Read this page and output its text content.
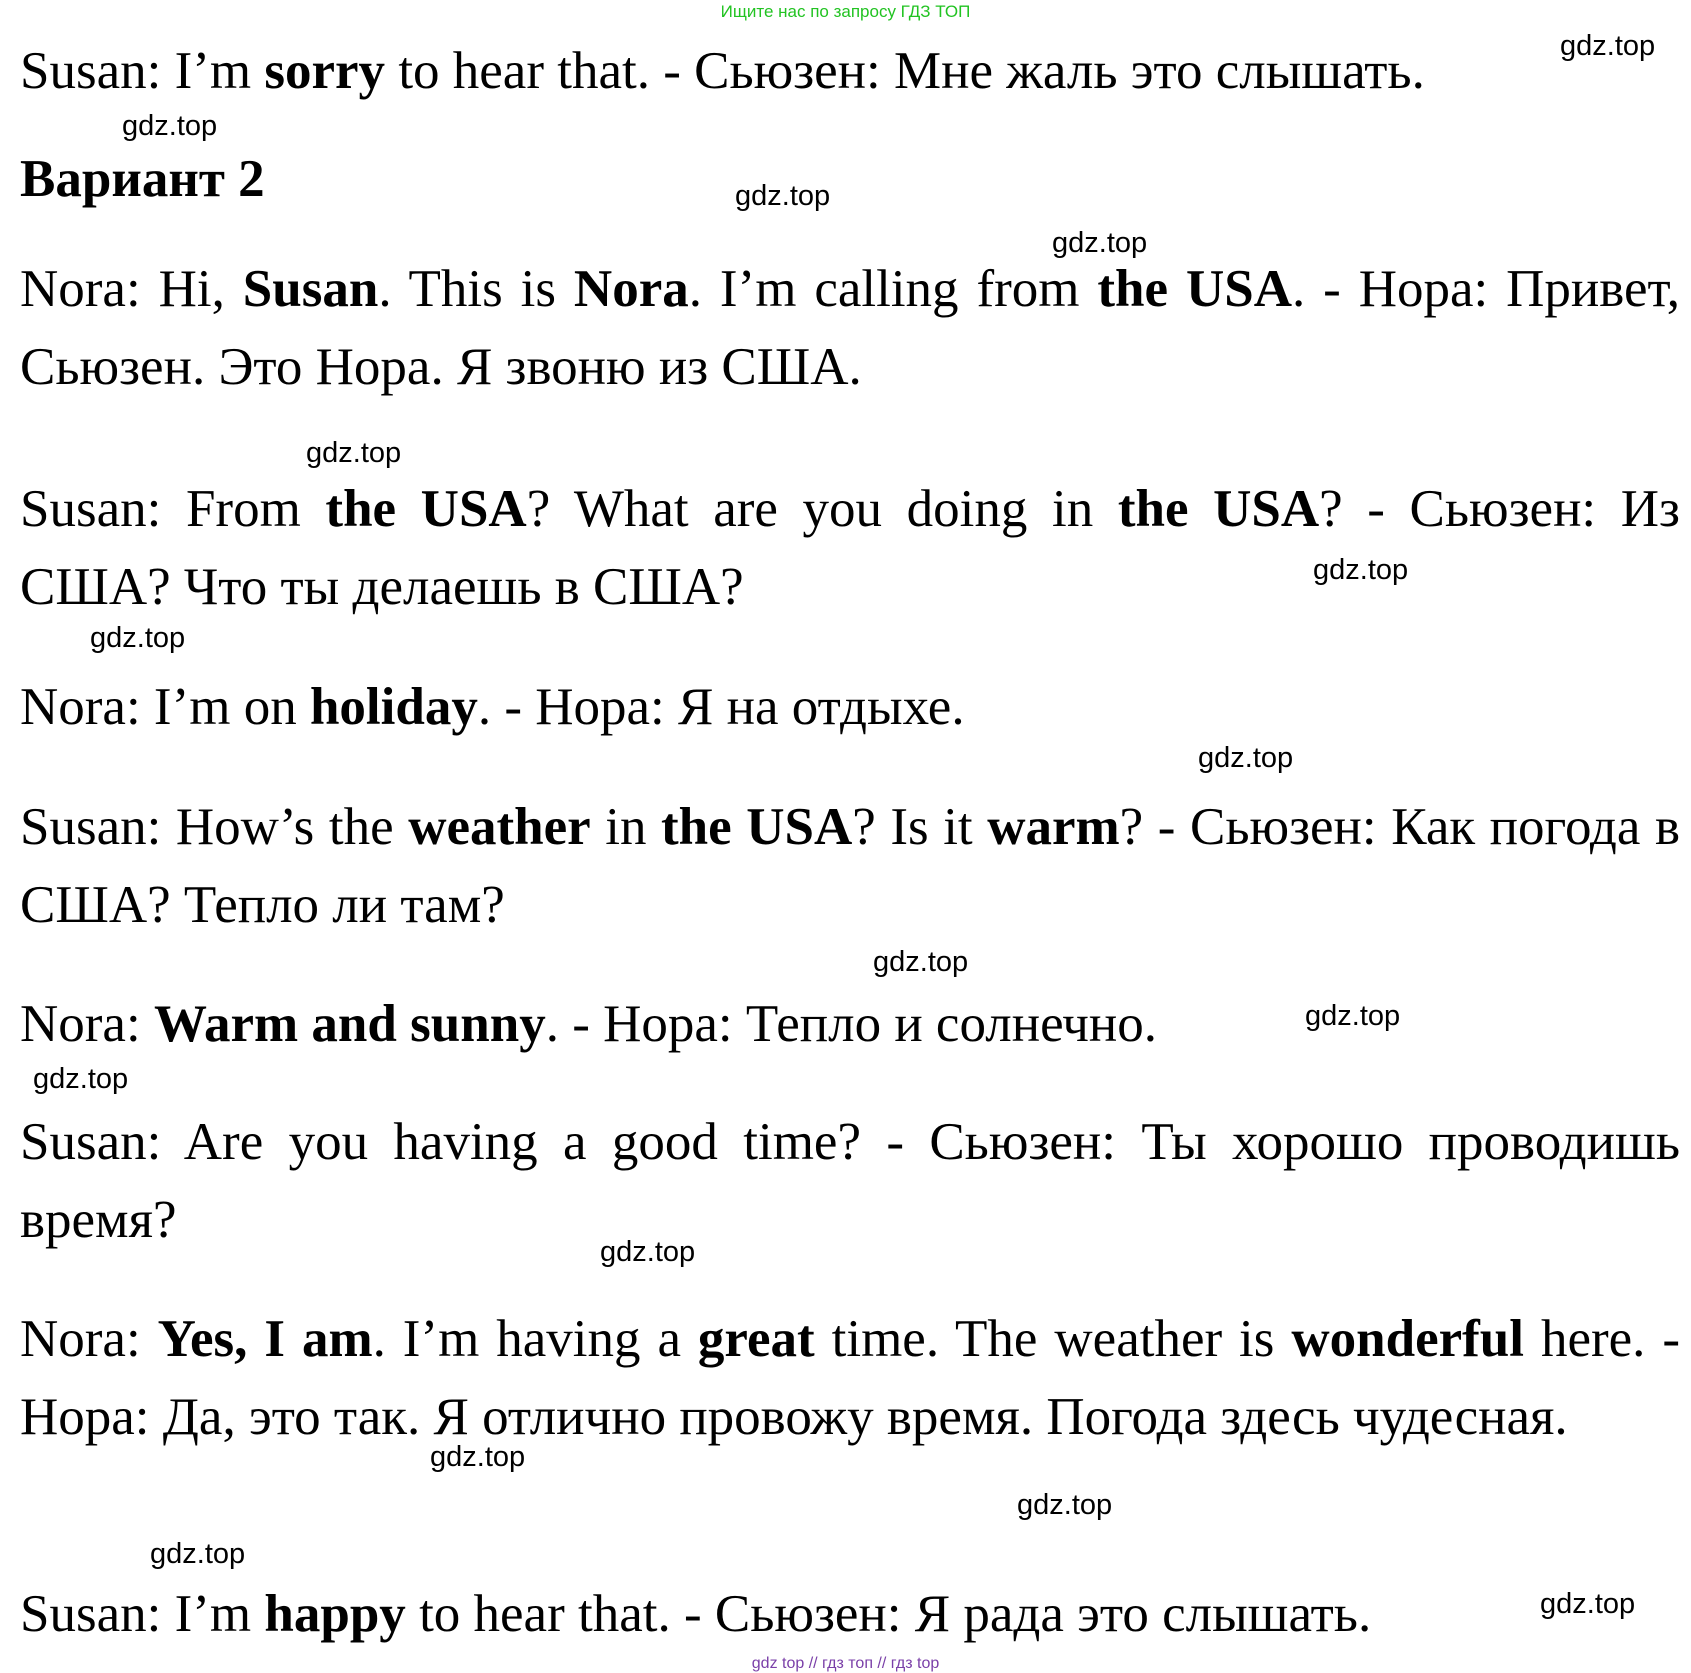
Ищите нас по запросу ГДЗ ТОП
Susan: I’m sorry to hear that. - Сьюзен: Мне жаль это слышать.
Вариант 2
Nora: Hi, Susan. This is Nora. I’m calling from the USA. - Нора: Привет, Сьюзен. Это Нора. Я звоню из США.
Susan: From the USA? What are you doing in the USA? - Сьюзен: Из США? Что ты делаешь в США?
Nora: I’m on holiday. - Нора: Я на отдыхе.
Susan: How’s the weather in the USA? Is it warm? - Сьюзен: Как погода в США? Тепло ли там?
Nora: Warm and sunny. - Нора: Тепло и солнечно.
Susan: Are you having a good time? - Сьюзен: Ты хорошо проводишь время?
Nora: Yes, I am. I’m having a great time. The weather is wonderful here. - Нора: Да, это так. Я отлично провожу время. Погода здесь чудесная.
Susan: I’m happy to hear that. - Сьюзен: Я рада это слышать.
gdz.top
gdz.top
gdz.top
gdz.top
gdz.top
gdz.top
gdz.top
gdz.top
gdz.top
gdz.top
gdz.top
gdz.top
gdz.top
gdz.top
gdz.top
gdz.top
gdz top // гдз топ // гдз top
